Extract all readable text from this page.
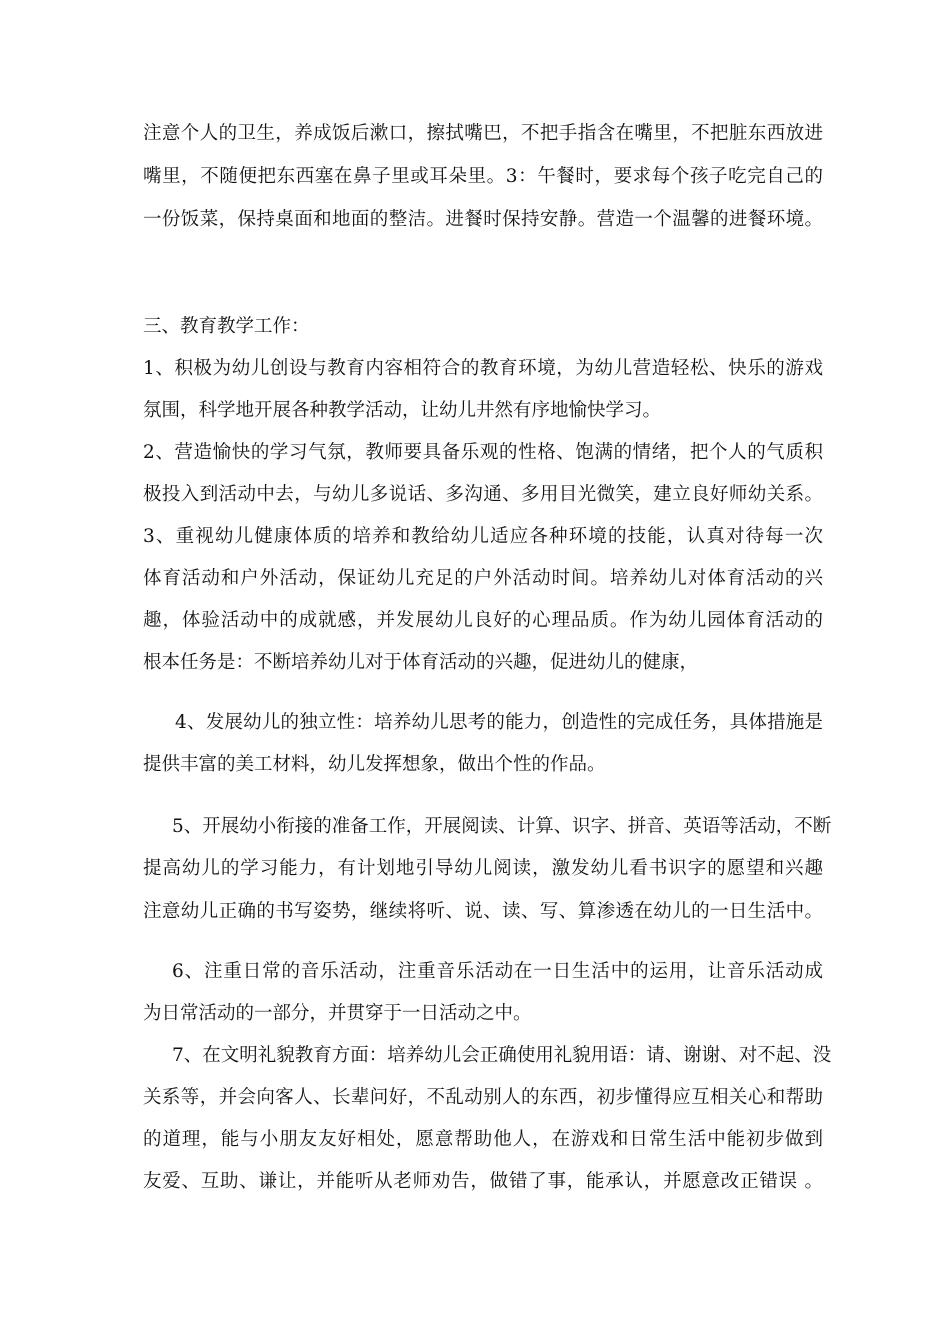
注意个人的卫生，养成饭后漱口，擦拭嘴巴，不把手指含在嘴里，不把脏东西放进
嘴里，不随便把东西塞在鼻子里或耳朵里。3：午餐时，要求每个孩子吃完自己的
一份饭菜，保持桌面和地面的整洁。进餐时保持安静。营造一个温馨的进餐环境。
三、教育教学工作：
1、积极为幼儿创设与教育内容相符合的教育环境，为幼儿营造轻松、快乐的游戏
氛围，科学地开展各种教学活动，让幼儿井然有序地愉快学习。
2、营造愉快的学习气氛，教师要具备乐观的性格、饱满的情绪，把个人的气质积
极投入到活动中去，与幼儿多说话、多沟通、多用目光微笑，建立良好师幼关系。
3、重视幼儿健康体质的培养和教给幼儿适应各种环境的技能，认真对待每一次
体育活动和户外活动，保证幼儿充足的户外活动时间。培养幼儿对体育活动的兴
趣，体验活动中的成就感，并发展幼儿良好的心理品质。作为幼儿园体育活动的
根本任务是：不断培养幼儿对于体育活动的兴趣，促进幼儿的健康，
4、发展幼儿的独立性：培养幼儿思考的能力，创造性的完成任务，具体措施是
提供丰富的美工材料，幼儿发挥想象，做出个性的作品。
5、开展幼小衔接的准备工作，开展阅读、计算、识字、拼音、英语等活动，不断
提高幼儿的学习能力，有计划地引导幼儿阅读，激发幼儿看书识字的愿望和兴趣
注意幼儿正确的书写姿势，继续将听、说、读、写、算渗透在幼儿的一日生活中。
6、注重日常的音乐活动，注重音乐活动在一日生活中的运用，让音乐活动成
为日常活动的一部分，并贯穿于一日活动之中。
7、在文明礼貌教育方面：培养幼儿会正确使用礼貌用语：请、谢谢、对不起、没
关系等，并会向客人、长辈问好，不乱动别人的东西，初步懂得应互相关心和帮助
的道理，能与小朋友友好相处，愿意帮助他人，在游戏和日常生活中能初步做到
友爱、互助、谦让，并能听从老师劝告，做错了事，能承认，并愿意改正错误 。
